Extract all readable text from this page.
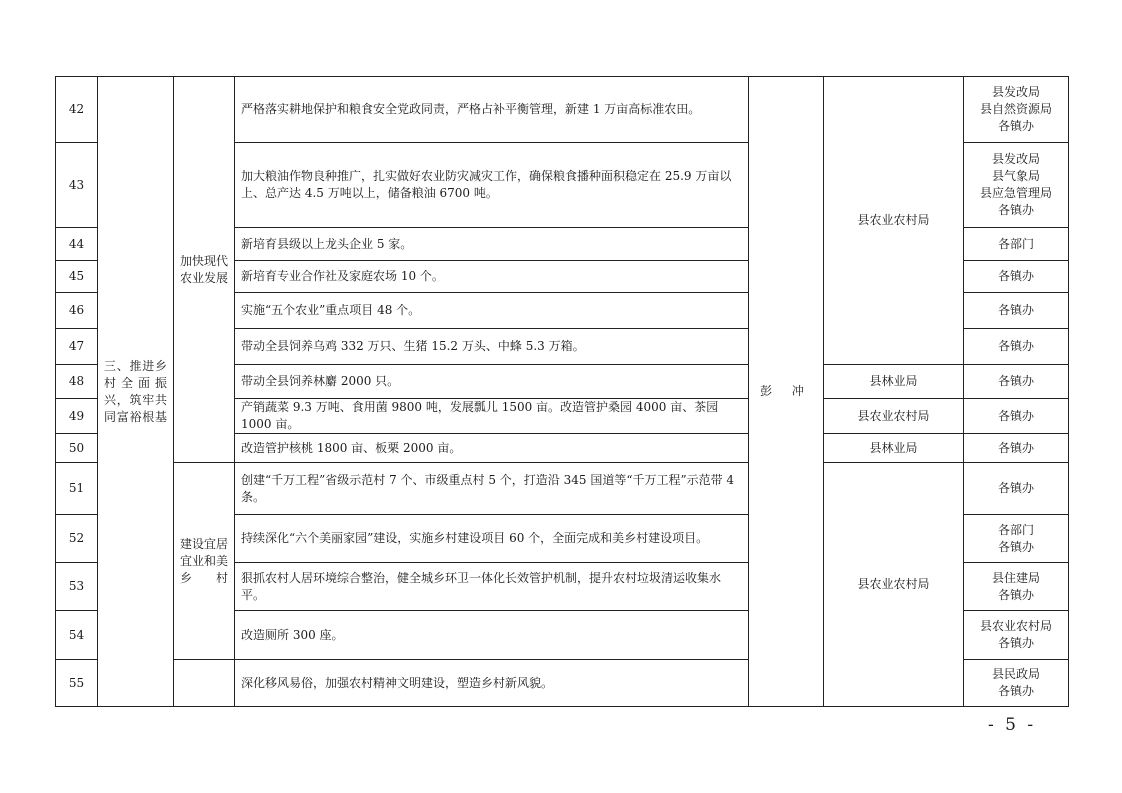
42	三、推进乡村全面振兴，筑牢共同富裕根基	加快现代农业发展	严格落实耕地保护和粮食安全党政同责，严格占补平衡管理，新建 1 万亩高标准农田。	彭 冲	县农业农村局	县发改局
县自然资源局
各镇办
43			加大粮油作物良种推广，扎实做好农业防灾减灾工作，确保粮食播种面积稳定在 25.9 万亩以上、总产达 4.5 万吨以上，储备粮油 6700 吨。			县发改局
县气象局
县应急管理局
各镇办
44			新培育县级以上龙头企业 5 家。			各部门
45			新培育专业合作社及家庭农场 10 个。			各镇办
46			实施“五个农业”重点项目 48 个。			各镇办
47			带动全县饲养乌鸡 332 万只、生猪 15.2 万头、中蜂 5.3 万箱。			各镇办
48			带动全县饲养林麝 2000 只。		县林业局	各镇办
49			产销蔬菜 9.3 万吨、食用菌 9800 吨，发展瓢儿 1500 亩。改造管护桑园 4000 亩、茶园 1000 亩。		县农业农村局	各镇办
50			改造管护核桃 1800 亩、板栗 2000 亩。		县林业局	各镇办
51		建设宜居宜业和美乡村	创建“千万工程”省级示范村 7 个、市级重点村 5 个，打造沿 345 国道等“千万工程”示范带 4 条。		县农业农村局	各镇办
52			持续深化“六个美丽家园”建设，实施乡村建设项目 60 个，全面完成和美乡村建设项目。			各部门
各镇办
53			狠抓农村人居环境综合整治，健全城乡环卫一体化长效管护机制，提升农村垃圾清运收集水平。			县住建局
各镇办
54			改造厕所 300 座。			县农业农村局
各镇办
55			深化移风易俗，加强农村精神文明建设，塑造乡村新风貌。			县民政局
各镇办
- 5 -
